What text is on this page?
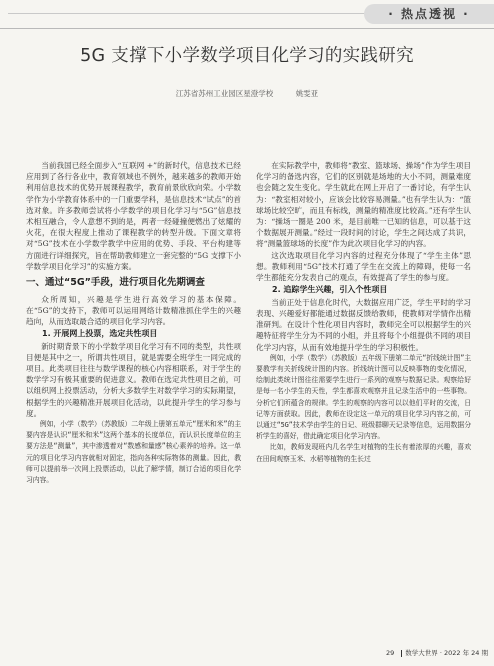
· 热点透视 ·
5G 支撑下小学数学项目化学习的实践研究
江苏省苏州工业园区星澄学校	姚雯亚

当前我国已经全面步入“互联网 +”的新时代，信息技术已经应用到了各行各业中，教育领域也不例外，越来越多的教师开始利用信息技术的优势开展课程教学，教育前景欣欣向荣。小学数学作为小学教育体系中的一门重要学科，是信息技术“试点”的首选对象。许多教师尝试将小学数学的项目化学习与“5G”信息技术相互融合，令人意想不到的是，两者一经碰撞便燃出了炫耀的火花，在很大程度上推动了课程教学的转型升级。下面文章将对“5G”技术在小学数学教学中应用的优势、手段、平台构建等方面进行详细探究，旨在帮助教师建立一套完整的“5G 支撑下小学数学项目化学习”的实施方案。

一、通过“5G”手段，进行项目化先期调查

众所周知，兴趣是学生进行高效学习的基本保障。在“5G”的支持下，教师可以运用网络计数精准抓住学生的兴趣趋向，从而选取最合适的项目化学习内容。

1. 开展网上投票，选定共性项目

新时期背景下的小学数学项目化学习有不同的类型，共性项目便是其中之一，所谓共性项目，就是需要全班学生一同完成的项目。此类项目往往与数学课程的核心内容相联系，对于学生的数学学习有极其重要的促进意义。教师在选定共性项目之前，可以组织网上投票活动，分析大多数学生对数学学习的实际期望，根据学生的兴趣精准开展项目化活动，以此提升学生的学习参与度。

例如，小学（数学）（苏教版）二年级上册第五单元“厘米和米”的主要内容是认识“厘米和米”这两个基本的长度单位，而认识长度单位的主要方法是“测量”，其中渗透着对“数感和量感”核心素养的培养。这一单元的项目化学习内容就相对固定，指向各种实际物体的测量。因此，教师可以提前举一次网上投票活动，以此了解学情，制订合适的项目化学习内容。

在实际教学中，教师将“教室、篮球场、操场”作为学生项目化学习的备选内容，它们的区别就是场地的大小不同，测量难度也会随之发生变化。学生就此在网上开启了一番讨论，有学生认为：“教室相对较小，应该会比较容易测量。”也有学生认为：“篮球场比较空旷，而且有标线，测量的精准度比较高。”还有学生认为：“操场一圈是 200 米，是目前唯一已知的信息，可以基于这个数据展开测量。”经过一段时间的讨论，学生之间达成了共识，将“测量篮球场的长度”作为此次项目化学习的内容。

这次选取项目化学习内容的过程充分体现了“学生主体”思想。教师利用“5G”技术打通了学生在交流上的障碍，使每一名学生都能充分发表自己的观点，有效提高了学生的参与度。

2. 追踪学生兴趣，引入个性项目

当前正处于信息化时代，大数据应用广泛，学生平时的学习表现、兴趣爱好都能通过数据反馈给教师，使教师对学情作出精准研判。在设计个性化项目内容时，教师完全可以根据学生的兴趣特征将学生分为不同的小组，并且将每个小组提供不同的项目化学习内容，从而有效地提升学生的学习积极性。

例如，小学（数学）（苏教版）五年级下册第二单元“折线统计图”主要教学有关折线统计图的内容。折线统计图可以反映事物的变化情况，绘制此类统计图往往需要学生进行一系列的观察与数据记录。观察给好是每一名小学生的天性，学生都喜欢观察并且记录生活中的一些事物。分析它们所蕴含的规律。学生的观察的内容可以以他们平时的交流，日记等方面获取。因此，教师在设定这一单元的项目化学习内容之前，可以通过“5G”技术学由学生的日记、班级群聊天记录等信息，运用数据分析学生的喜好，借此确定项目化学习内容。

比如，教师发现班内几名学生对植物的生长有着浓厚的兴趣，喜欢在田间观察玉米、水稻等植物的生长过

29 数学大世界 · 2022 年 24 期
